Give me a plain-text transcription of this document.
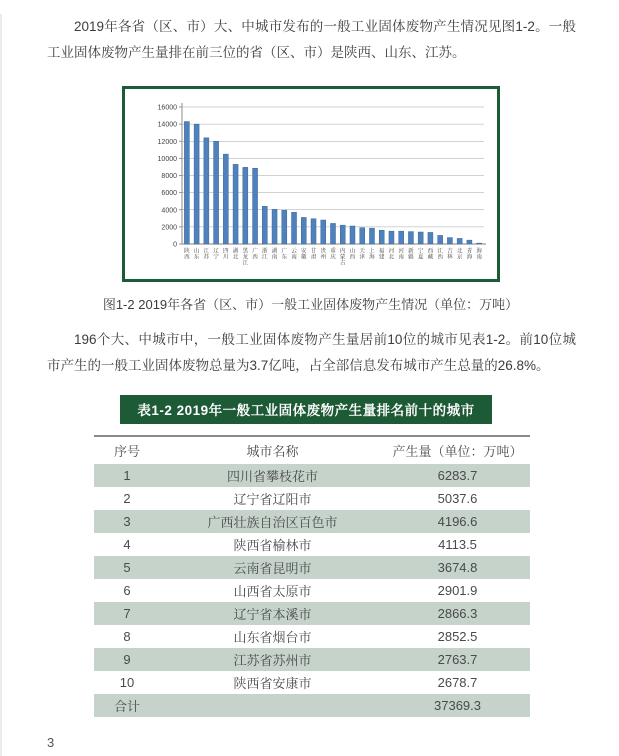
2019年各省（区、市）大、中城市发布的一般工业固体废物产生情况见图1-2。一般工业固体废物产生量排在前三位的省（区、市）是陕西、山东、江苏。

0
2000
4000
6000
8000
10000
12000
14000
16000
陕西
山东
江苏
辽宁
四川
湖北
黑龙江
广西
浙江
湖南
广东
云南
安徽
甘肃
贵州
重庆
内蒙古
山西
天津
上海
福建
河北
河南
新疆
宁夏
西藏
江西
吉林
北京
青海
海南

图1-2 2019年各省（区、市）一般工业固体废物产生情况（单位：万吨）

196个大、中城市中，一般工业固体废物产生量居前10位的城市见表1-2。前10位城市产生的一般工业固体废物总量为3.7亿吨，占全部信息发布城市产生总量的26.8%。

表1-2 2019年一般工业固体废物产生量排名前十的城市
序号	城市名称	产生量（单位：万吨）
1	四川省攀枝花市	6283.7
2	辽宁省辽阳市	5037.6
3	广西壮族自治区百色市	4196.6
4	陕西省榆林市	4113.5
5	云南省昆明市	3674.8
6	山西省太原市	2901.9
7	辽宁省本溪市	2866.3
8	山东省烟台市	2852.5
9	江苏省苏州市	2763.7
10	陕西省安康市	2678.7
合计		37369.3
3
